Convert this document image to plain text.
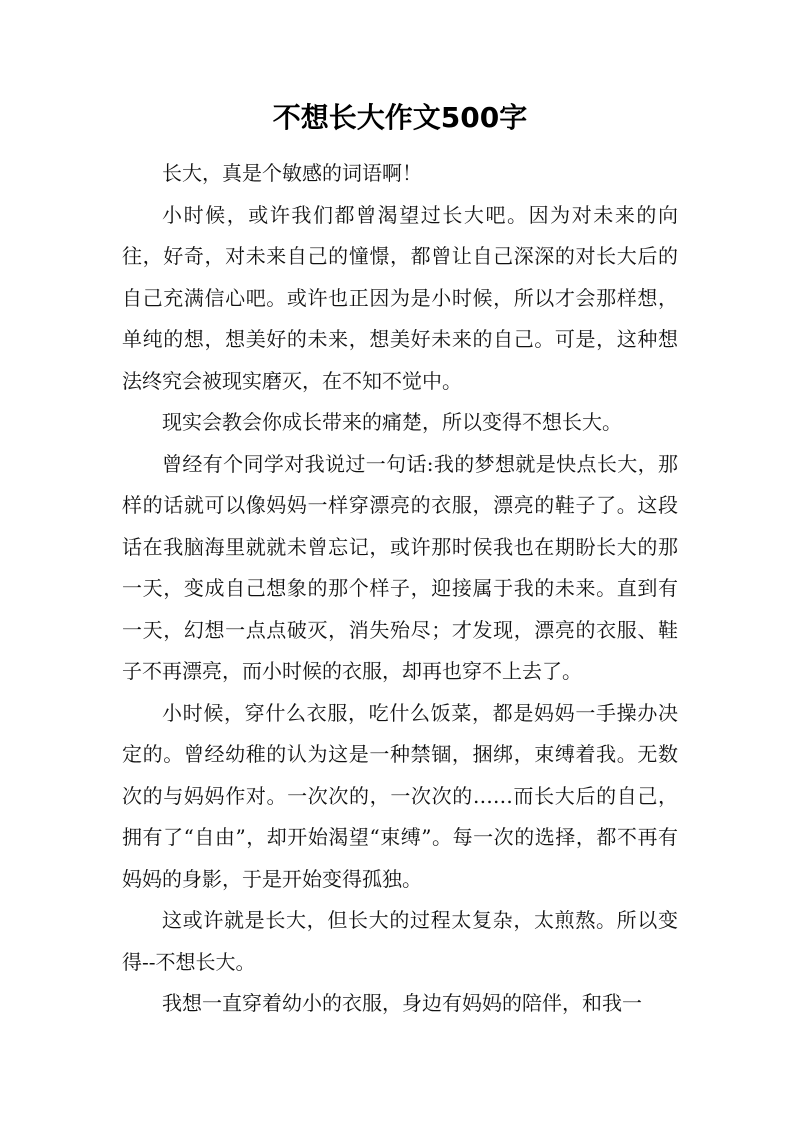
不想长大作文500字

长大，真是个敏感的词语啊！

小时候，或许我们都曾渴望过长大吧。因为对未来的向往，好奇，对未来自己的憧憬，都曾让自己深深的对长大后的自己充满信心吧。或许也正因为是小时候，所以才会那样想，单纯的想，想美好的未来，想美好未来的自己。可是，这种想法终究会被现实磨灭，在不知不觉中。

现实会教会你成长带来的痛楚，所以变得不想长大。

曾经有个同学对我说过一句话:我的梦想就是快点长大，那样的话就可以像妈妈一样穿漂亮的衣服，漂亮的鞋子了。这段话在我脑海里就就未曾忘记，或许那时侯我也在期盼长大的那一天，变成自己想象的那个样子，迎接属于我的未来。直到有一天，幻想一点点破灭，消失殆尽；才发现，漂亮的衣服、鞋子不再漂亮，而小时候的衣服，却再也穿不上去了。

小时候，穿什么衣服，吃什么饭菜，都是妈妈一手操办决定的。曾经幼稚的认为这是一种禁锢，捆绑，束缚着我。无数次的与妈妈作对。一次次的，一次次的……而长大后的自己，拥有了“自由”，却开始渴望“束缚”。每一次的选择，都不再有妈妈的身影，于是开始变得孤独。

这或许就是长大，但长大的过程太复杂，太煎熬。所以变得--不想长大。

我想一直穿着幼小的衣服，身边有妈妈的陪伴，和我一
